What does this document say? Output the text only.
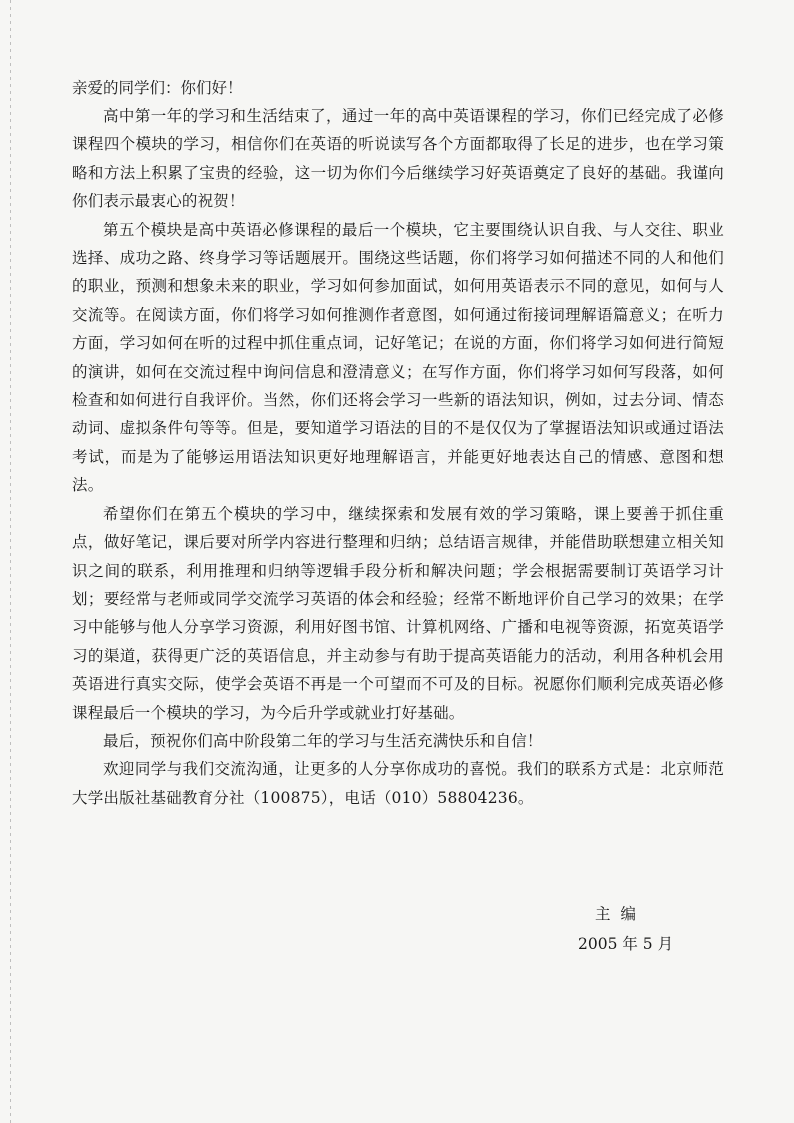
亲爱的同学们：你们好！

高中第一年的学习和生活结束了，通过一年的高中英语课程的学习，你们已经完成了必修课程四个模块的学习，相信你们在英语的听说读写各个方面都取得了长足的进步，也在学习策略和方法上积累了宝贵的经验，这一切为你们今后继续学习好英语奠定了良好的基础。我谨向你们表示最衷心的祝贺！

第五个模块是高中英语必修课程的最后一个模块，它主要围绕认识自我、与人交往、职业选择、成功之路、终身学习等话题展开。围绕这些话题，你们将学习如何描述不同的人和他们的职业，预测和想象未来的职业，学习如何参加面试，如何用英语表示不同的意见，如何与人交流等。在阅读方面，你们将学习如何推测作者意图，如何通过衔接词理解语篇意义；在听力方面，学习如何在听的过程中抓住重点词，记好笔记；在说的方面，你们将学习如何进行简短的演讲，如何在交流过程中询问信息和澄清意义；在写作方面，你们将学习如何写段落，如何检查和如何进行自我评价。当然，你们还将会学习一些新的语法知识，例如，过去分词、情态动词、虚拟条件句等等。但是，要知道学习语法的目的不是仅仅为了掌握语法知识或通过语法考试，而是为了能够运用语法知识更好地理解语言，并能更好地表达自己的情感、意图和想法。

希望你们在第五个模块的学习中，继续探索和发展有效的学习策略，课上要善于抓住重点，做好笔记，课后要对所学内容进行整理和归纳；总结语言规律，并能借助联想建立相关知识之间的联系，利用推理和归纳等逻辑手段分析和解决问题；学会根据需要制订英语学习计划；要经常与老师或同学交流学习英语的体会和经验；经常不断地评价自己学习的效果；在学习中能够与他人分享学习资源，利用好图书馆、计算机网络、广播和电视等资源，拓宽英语学习的渠道，获得更广泛的英语信息，并主动参与有助于提高英语能力的活动，利用各种机会用英语进行真实交际，使学会英语不再是一个可望而不可及的目标。祝愿你们顺利完成英语必修课程最后一个模块的学习，为今后升学或就业打好基础。

最后，预祝你们高中阶段第二年的学习与生活充满快乐和自信！

欢迎同学与我们交流沟通，让更多的人分享你成功的喜悦。我们的联系方式是：北京师范大学出版社基础教育分社（100875），电话（010）58804236。

主编
2005 年 5 月
